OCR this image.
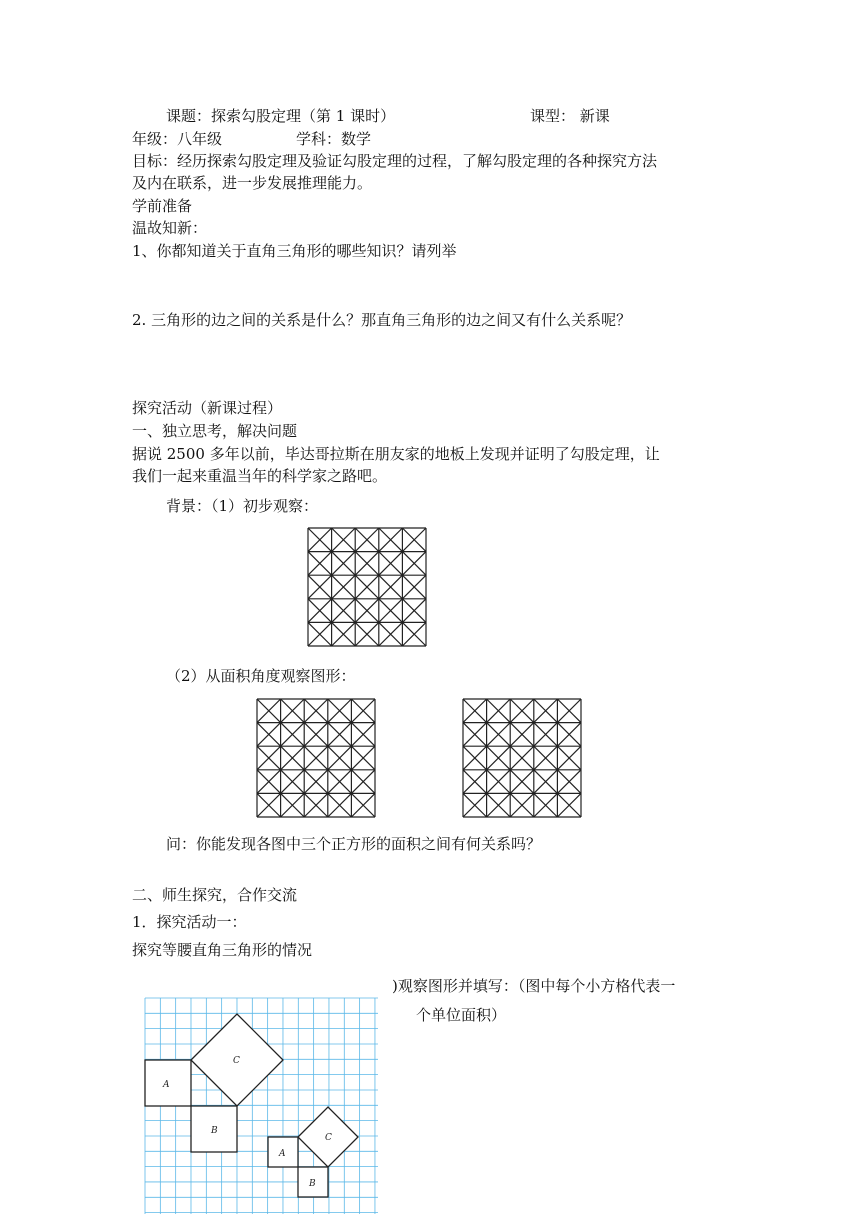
课题：探索勾股定理（第 1 课时）	课型： 新课
年级：八年级	学科：数学
目标：经历探索勾股定理及验证勾股定理的过程，了解勾股定理的各种探究方法
及内在联系，进一步发展推理能力。
学前准备
温故知新：
1、你都知道关于直角三角形的哪些知识？请列举
2. 三角形的边之间的关系是什么？那直角三角形的边之间又有什么关系呢？
探究活动（新课过程）
一、独立思考，解决问题
据说 2500 多年以前，毕达哥拉斯在朋友家的地板上发现并证明了勾股定理，让
我们一起来重温当年的科学家之路吧。
背景：（1）初步观察：
（2）从面积角度观察图形：
问：你能发现各图中三个正方形的面积之间有何关系吗？
二、师生探究，合作交流
1．探究活动一：
探究等腰直角三角形的情况
)观察图形并填写：（图中每个小方格代表一
个单位面积）
A
B
C
A
B
C
